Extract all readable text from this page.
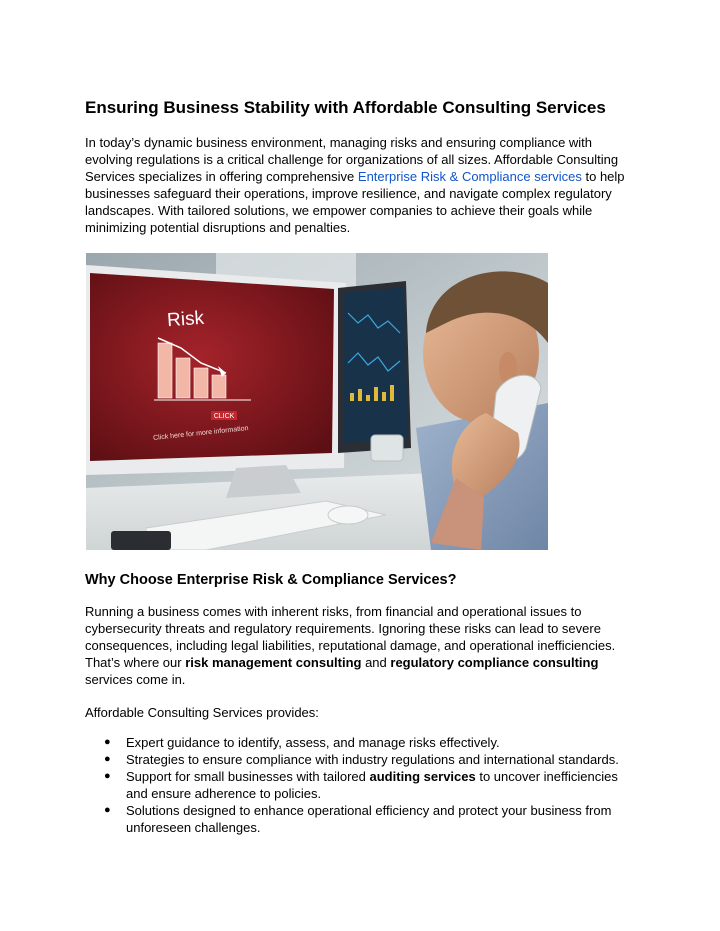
Ensuring Business Stability with Affordable Consulting Services

In today’s dynamic business environment, managing risks and ensuring compliance with evolving regulations is a critical challenge for organizations of all sizes. Affordable Consulting Services specializes in offering comprehensive Enterprise Risk & Compliance services to help businesses safeguard their operations, improve resilience, and navigate complex regulatory landscapes. With tailored solutions, we empower companies to achieve their goals while minimizing potential disruptions and penalties.

CLICK
Click here for more information
Risk
Why Choose Enterprise Risk & Compliance Services?

Running a business comes with inherent risks, from financial and operational issues to cybersecurity threats and regulatory requirements. Ignoring these risks can lead to severe consequences, including legal liabilities, reputational damage, and operational inefficiencies. That’s where our risk management consulting and regulatory compliance consulting services come in.

Affordable Consulting Services provides:

● Expert guidance to identify, assess, and manage risks effectively.
● Strategies to ensure compliance with industry regulations and international standards.
● Support for small businesses with tailored auditing services to uncover inefficiencies and ensure adherence to policies.
● Solutions designed to enhance operational efficiency and protect your business from unforeseen challenges.
